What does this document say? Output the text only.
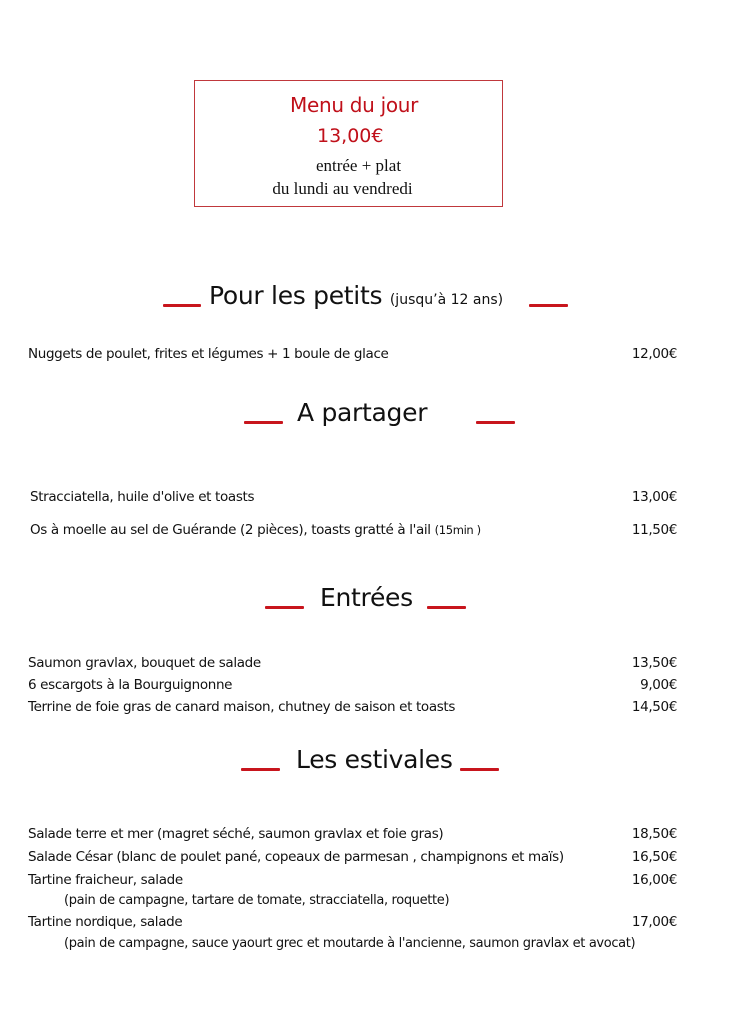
Menu du jour
13,00€
entrée + plat
du lundi au vendredi
Pour les petits (jusqu’à 12 ans)
Nuggets de poulet, frites et légumes + 1 boule de glace	12,00€
A partager
Stracciatella, huile d'olive et toasts	13,00€
Os à moelle au sel de Guérande (2 pièces), toasts gratté à l'ail (15min )	11,50€
Entrées
Saumon gravlax, bouquet de salade	13,50€
6 escargots à la Bourguignonne	9,00€
Terrine de foie gras de canard maison, chutney de saison et toasts	14,50€
Les estivales
Salade terre et mer (magret séché, saumon gravlax et foie gras)	18,50€
Salade César (blanc de poulet pané, copeaux de parmesan , champignons et maïs)	16,50€
Tartine fraicheur, salade	16,00€
(pain de campagne, tartare de tomate, stracciatella, roquette)
Tartine nordique, salade	17,00€
(pain de campagne, sauce yaourt grec et moutarde à l'ancienne, saumon gravlax et avocat)
